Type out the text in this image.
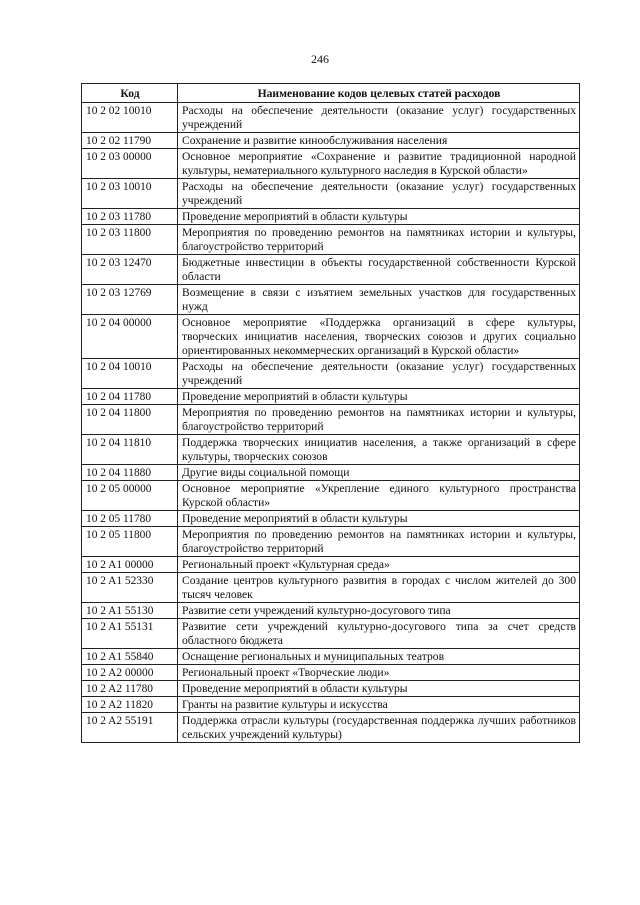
246
Код	Наименование кодов целевых статей расходов
10 2 02 10010	Расходы на обеспечение деятельности (оказание услуг) государственных учреждений
10 2 02 11790	Сохранение и развитие кинообслуживания населения
10 2 03 00000	Основное мероприятие «Сохранение и развитие традиционной народной культуры, нематериального культурного наследия в Курской области»
10 2 03 10010	Расходы на обеспечение деятельности (оказание услуг) государственных учреждений
10 2 03 11780	Проведение мероприятий в области культуры
10 2 03 11800	Мероприятия по проведению ремонтов на памятниках истории и культуры, благоустройство территорий
10 2 03 12470	Бюджетные инвестиции в объекты государственной собственности Курской области
10 2 03 12769	Возмещение в связи с изъятием земельных участков для государственных нужд
10 2 04 00000	Основное мероприятие «Поддержка организаций в сфере культуры, творческих инициатив населения, творческих союзов и других социально ориентированных некоммерческих организаций в Курской области»
10 2 04 10010	Расходы на обеспечение деятельности (оказание услуг) государственных учреждений
10 2 04 11780	Проведение мероприятий в области культуры
10 2 04 11800	Мероприятия по проведению ремонтов на памятниках истории и культуры, благоустройство территорий
10 2 04 11810	Поддержка творческих инициатив населения, а также организаций в сфере культуры, творческих союзов
10 2 04 11880	Другие виды социальной помощи
10 2 05 00000	Основное мероприятие «Укрепление единого культурного пространства Курской области»
10 2 05 11780	Проведение мероприятий в области культуры
10 2 05 11800	Мероприятия по проведению ремонтов на памятниках истории и культуры, благоустройство территорий
10 2 A1 00000	Региональный проект «Культурная среда»
10 2 A1 52330	Создание центров культурного развития в городах с числом жителей до 300 тысяч человек
10 2 A1 55130	Развитие сети учреждений культурно-досугового типа
10 2 A1 55131	Развитие сети учреждений культурно-досугового типа за счет средств областного бюджета
10 2 A1 55840	Оснащение региональных и муниципальных театров
10 2 A2 00000	Региональный проект «Творческие люди»
10 2 A2 11780	Проведение мероприятий в области культуры
10 2 A2 11820	Гранты на развитие культуры и искусства
10 2 A2 55191	Поддержка отрасли культуры (государственная поддержка лучших работников сельских учреждений культуры)
